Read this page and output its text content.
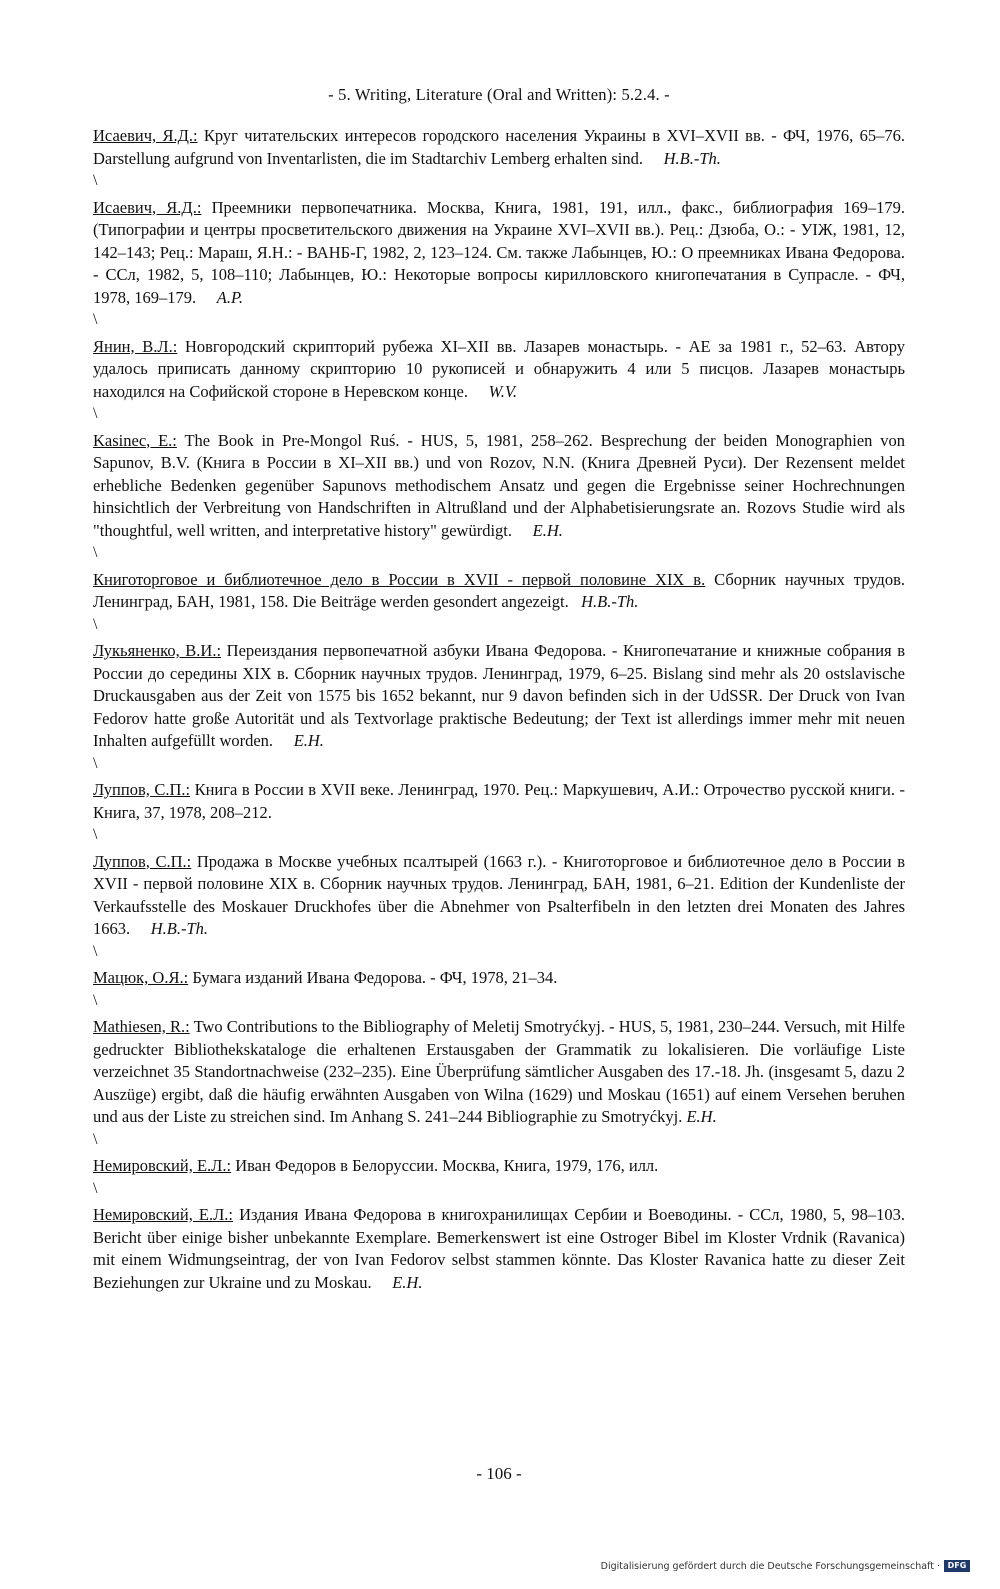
- 5. Writing, Literature (Oral and Written): 5.2.4. -

Исаевич, Я.Д.: Круг читательских интересов городского населения Украины в XVI–XVII вв. - ФЧ, 1976, 65–76. Darstellung aufgrund von Inventarlisten, die im Stadtarchiv Lemberg erhalten sind. H.B.-Th.

\

Исаевич, Я.Д.: Преемники первопечатника. Москва, Книга, 1981, 191, илл., факс., библиография 169–179. (Типографии и центры просветительского движения на Украине XVI–XVII вв.). Рец.: Дзюба, О.: - УІЖ, 1981, 12, 142–143; Рец.: Мараш, Я.Н.: - ВАНБ-Г, 1982, 2, 123–124. См. также Лабынцев, Ю.: О преемниках Ивана Федорова. - ССл, 1982, 5, 108–110; Лабынцев, Ю.: Некоторые вопросы кирилловского книгопечатания в Супрасле. - ФЧ, 1978, 169–179. A.P.

\

Янин, В.Л.: Новгородский скрипторий рубежа XI–XII вв. Лазарев монастырь. - АЕ за 1981 г., 52–63. Автору удалось приписать данному скрипторию 10 рукописей и обнаружить 4 или 5 писцов. Лазарев монастырь находился на Софийской стороне в Неревском конце. W.V.

\

Kasinec, E.: The Book in Pre-Mongol Ruś. - HUS, 5, 1981, 258–262. Besprechung der beiden Monographien von Sapunov, B.V. (Книга в России в XI–XII вв.) und von Rozov, N.N. (Книга Древней Руси). Der Rezensent meldet erhebliche Bedenken gegenüber Sapunovs methodischem Ansatz und gegen die Ergebnisse seiner Hochrechnungen hinsichtlich der Verbreitung von Handschriften in Altrußland und der Alphabetisierungsrate an. Rozovs Studie wird als "thoughtful, well written, and interpretative history" gewürdigt. E.H.

\

Книготорговое и библиотечное дело в России в XVII - первой половине XIX в. Сборник научных трудов. Ленинград, БАН, 1981, 158. Die Beiträge werden gesondert angezeigt. H.B.-Th.

\

Лукьяненко, В.И.: Переиздания первопечатной азбуки Ивана Федорова. - Книгопечатание и книжные собрания в России до середины XIX в. Сборник научных трудов. Ленинград, 1979, 6–25. Bislang sind mehr als 20 ostslavische Druckausgaben aus der Zeit von 1575 bis 1652 bekannt, nur 9 davon befinden sich in der UdSSR. Der Druck von Ivan Fedorov hatte große Autorität und als Textvorlage praktische Bedeutung; der Text ist allerdings immer mehr mit neuen Inhalten aufgefüllt worden. E.H.

\

Луппов, С.П.: Книга в России в XVII веке. Ленинград, 1970. Рец.: Маркушевич, А.И.: Отрочество русской книги. - Книга, 37, 1978, 208–212.

\

Луппов, С.П.: Продажа в Москве учебных псалтырей (1663 г.). - Книготорговое и библиотечное дело в России в XVII - первой половине XIX в. Сборник научных трудов. Ленинград, БАН, 1981, 6–21. Edition der Kundenliste der Verkaufsstelle des Moskauer Druckhofes über die Abnehmer von Psalterfibeln in den letzten drei Monaten des Jahres 1663. H.B.-Th.

\

Мацюк, О.Я.: Бумага изданий Ивана Федорова. - ФЧ, 1978, 21–34.

\

Mathiesen, R.: Two Contributions to the Bibliography of Meletij Smotryćkyj. - HUS, 5, 1981, 230–244. Versuch, mit Hilfe gedruckter Bibliothekskataloge die erhaltenen Erstausgaben der Grammatik zu lokalisieren. Die vorläufige Liste verzeichnet 35 Standortnachweise (232–235). Eine Überprüfung sämtlicher Ausgaben des 17.-18. Jh. (insgesamt 5, dazu 2 Auszüge) ergibt, daß die häufig erwähnten Ausgaben von Wilna (1629) und Moskau (1651) auf einem Versehen beruhen und aus der Liste zu streichen sind. Im Anhang S. 241–244 Bibliographie zu Smotryćkyj. E.H.

\

Немировский, Е.Л.: Иван Федоров в Белоруссии. Москва, Книга, 1979, 176, илл.

\

Немировский, Е.Л.: Издания Ивана Федорова в книгохранилищах Сербии и Воеводины. - ССл, 1980, 5, 98–103. Bericht über einige bisher unbekannte Exemplare. Bemerkenswert ist eine Ostroger Bibel im Kloster Vrdnik (Ravanica) mit einem Widmungseintrag, der von Ivan Fedorov selbst stammen könnte. Das Kloster Ravanica hatte zu dieser Zeit Beziehungen zur Ukraine und zu Moskau. E.H.

- 106 -
Digitalisierung gefördert durch die Deutsche Forschungsgemeinschaft · DFG
